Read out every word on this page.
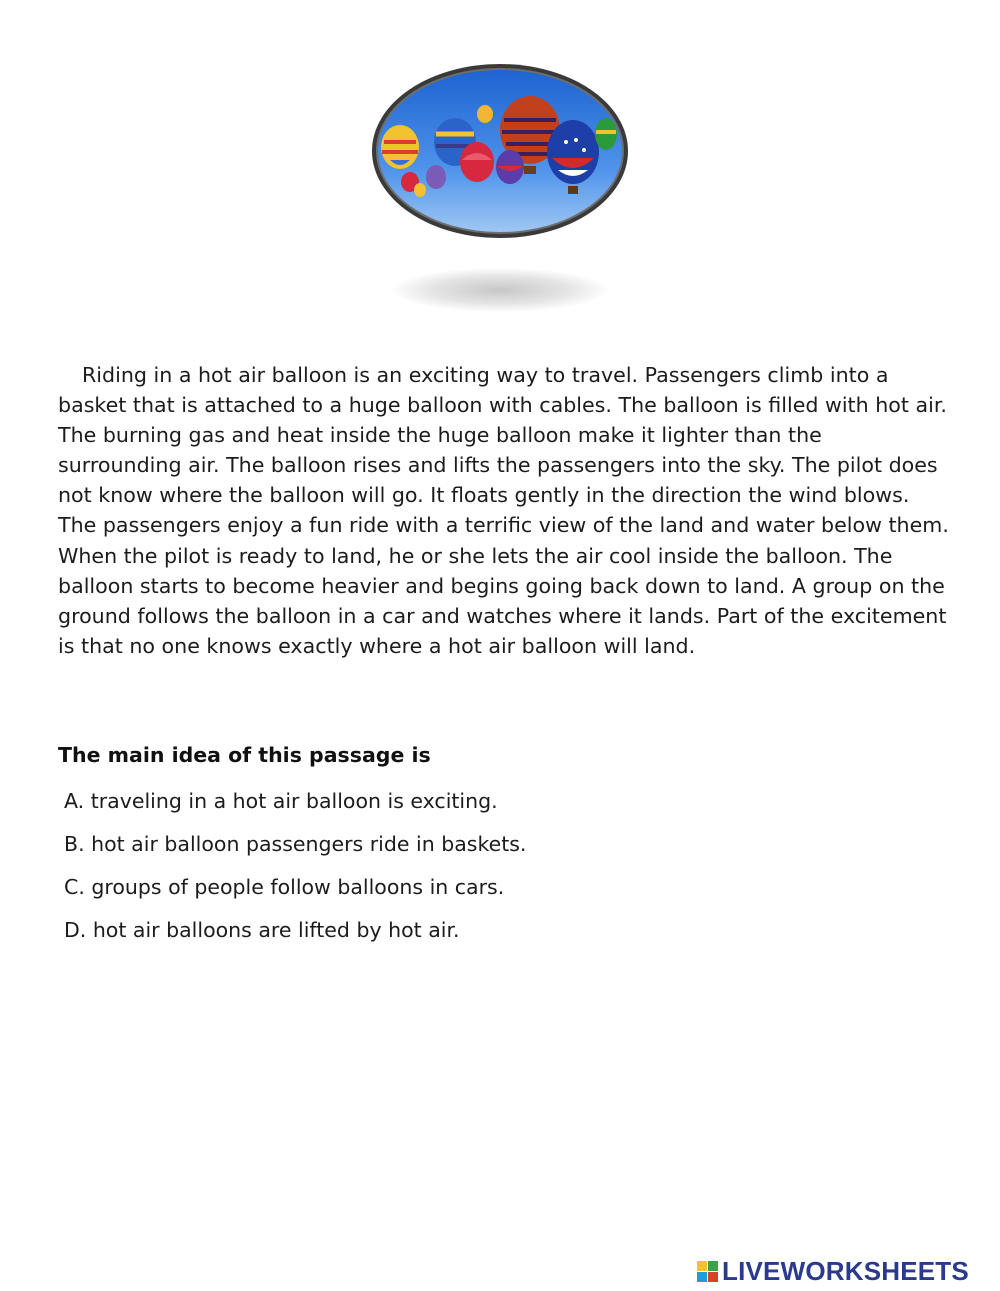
Riding in a hot air balloon is an exciting way to travel. Passengers climb into a basket that is attached to a huge balloon with cables. The balloon is filled with hot air. The burning gas and heat inside the huge balloon make it lighter than the surrounding air. The balloon rises and lifts the passengers into the sky. The pilot does not know where the balloon will go. It floats gently in the direction the wind blows. The passengers enjoy a fun ride with a terrific view of the land and water below them. When the pilot is ready to land, he or she lets the air cool inside the balloon. The balloon starts to become heavier and begins going back down to land. A group on the ground follows the balloon in a car and watches where it lands. Part of the excitement is that no one knows exactly where a hot air balloon will land.

The main idea of this passage is

A. traveling in a hot air balloon is exciting.
B. hot air balloon passengers ride in baskets.
C. groups of people follow balloons in cars.
D. hot air balloons are lifted by hot air.
LIVEWORKSHEETS
